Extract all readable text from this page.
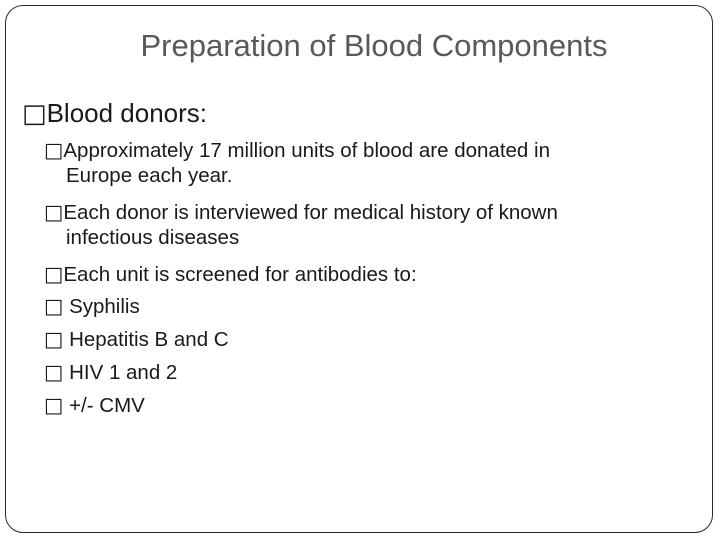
Preparation of Blood Components
□Blood donors:
□Approximately 17 million units of blood are donated in
Europe each year.
□Each donor is interviewed for medical history of known
infectious diseases
□Each unit is screened for antibodies to:
□ Syphilis
□ Hepatitis B and C
□ HIV 1 and 2
□ +/- CMV
